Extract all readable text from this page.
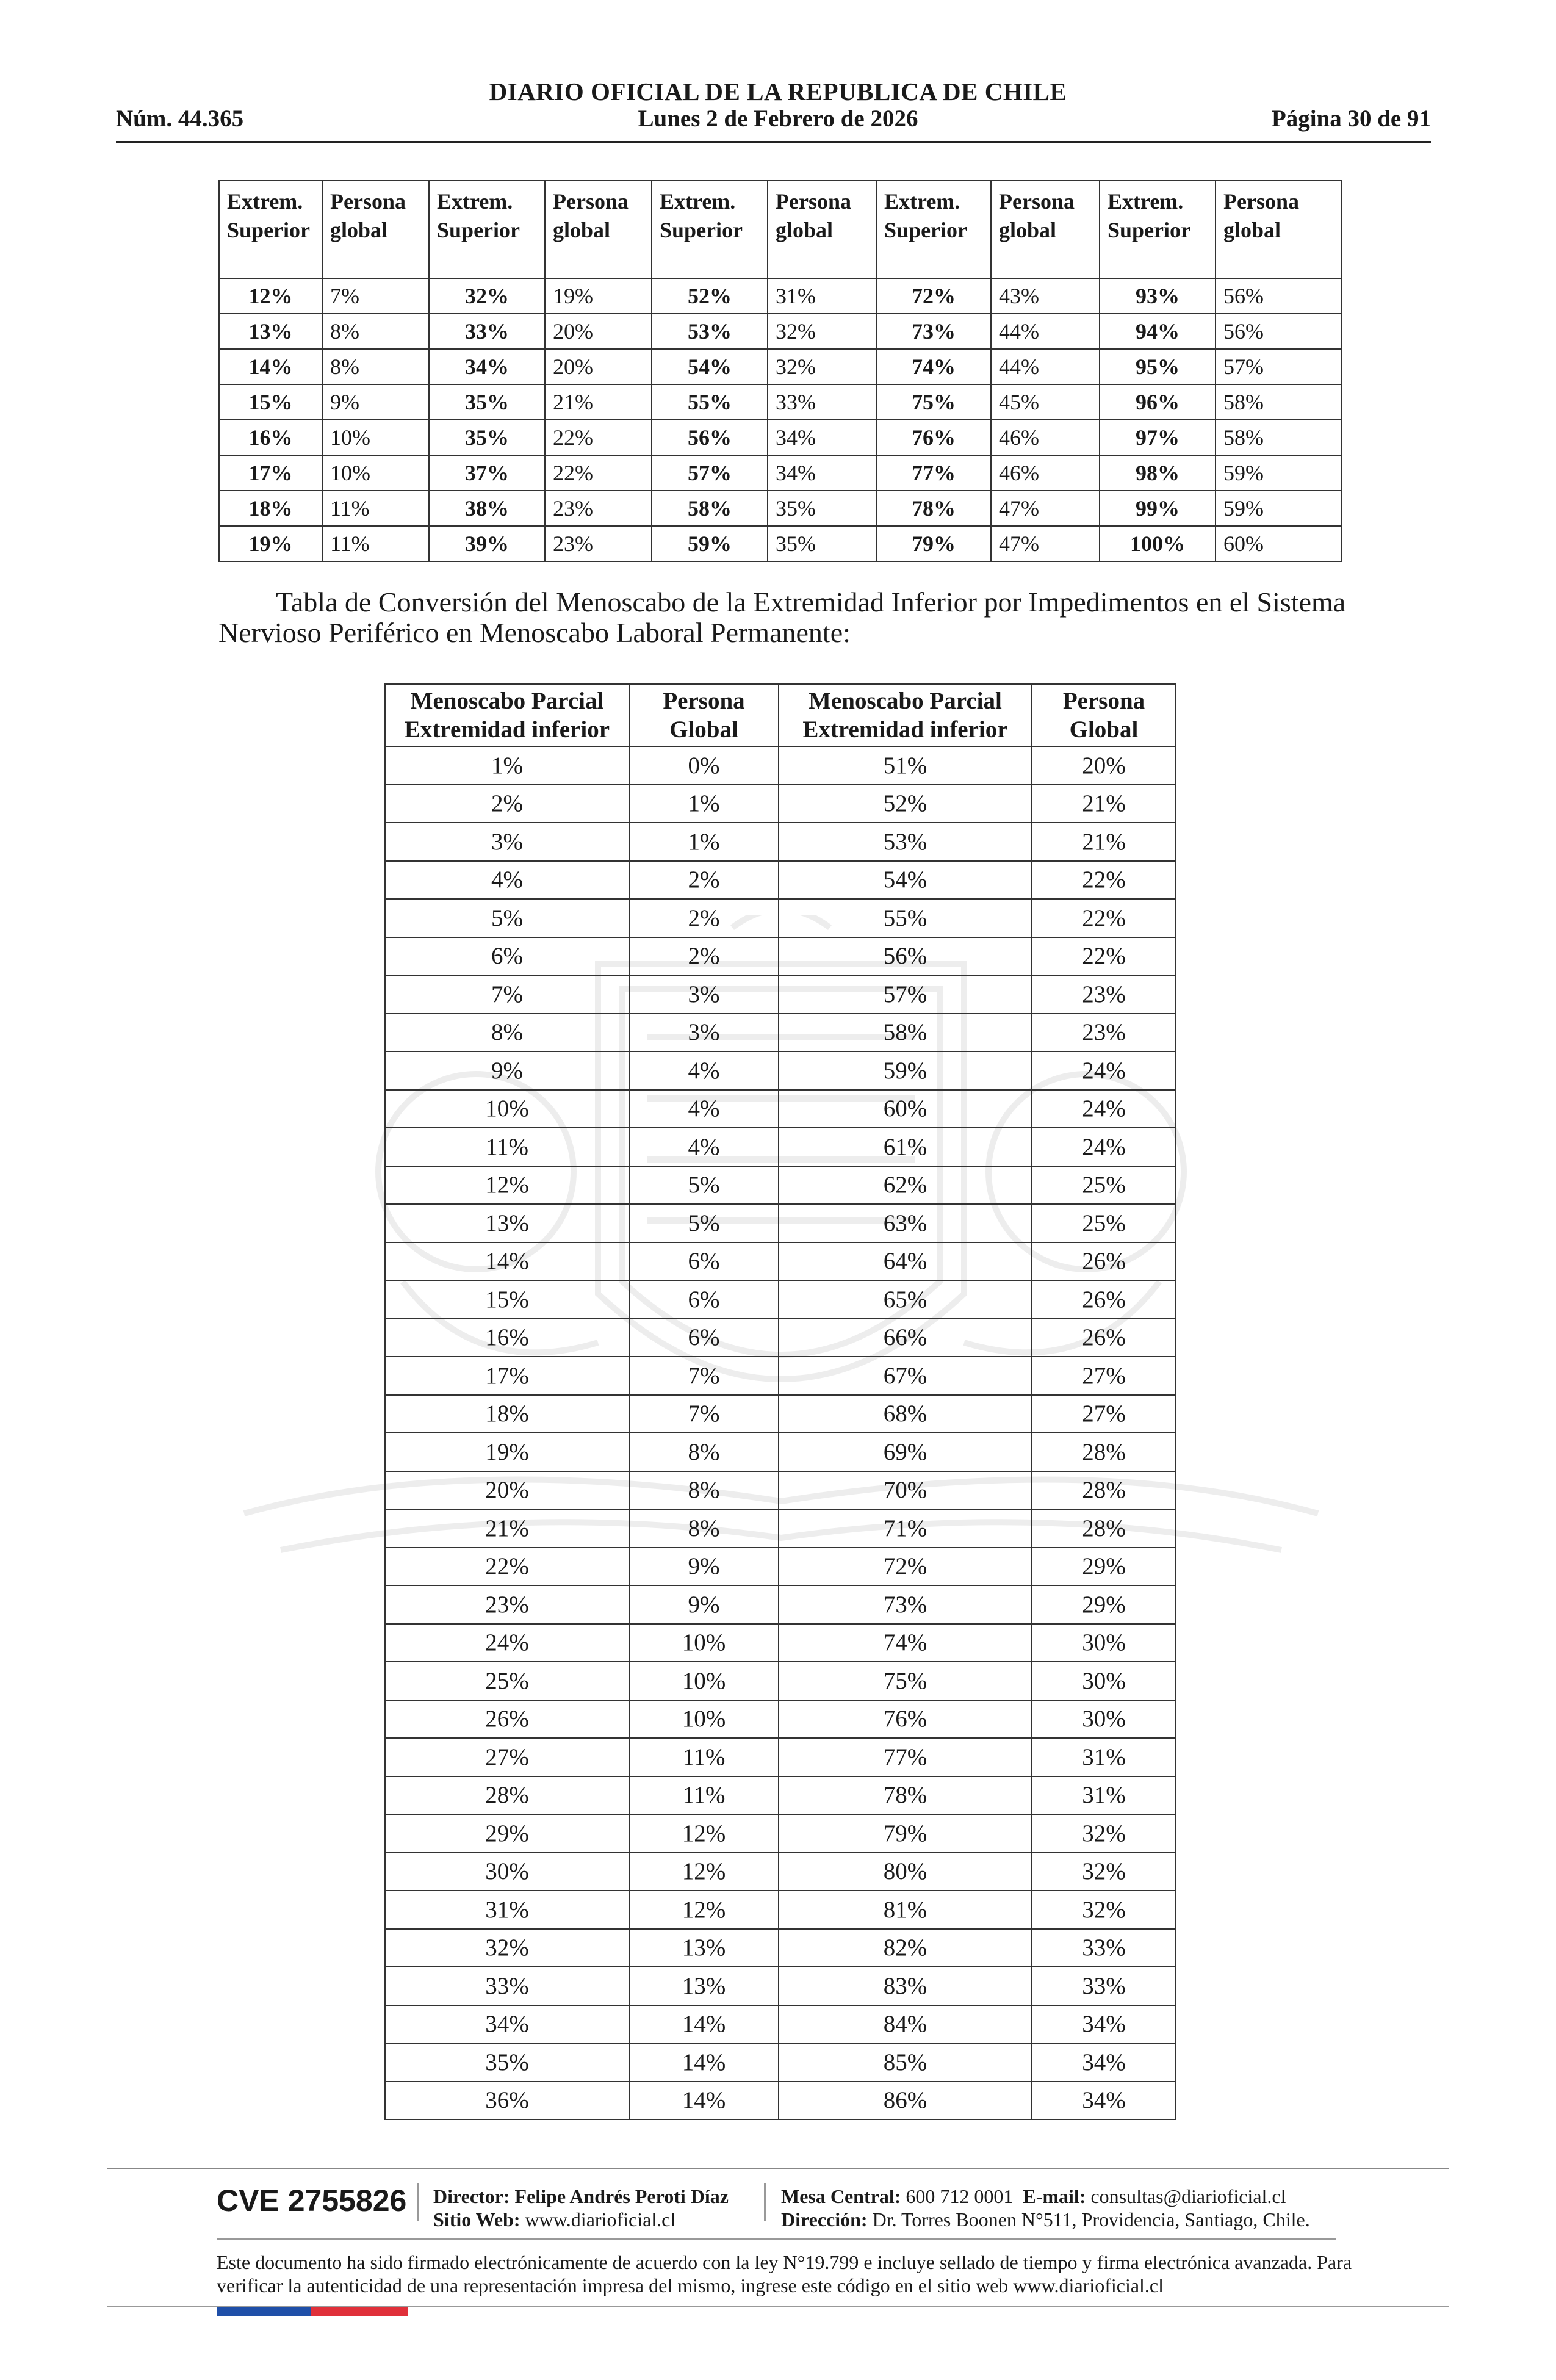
DIARIO OFICIAL DE LA REPUBLICA DE CHILE
Núm. 44.365	Lunes 2 de Febrero de 2026	Página 30 de 91
Extrem.
Superior	Persona
global	Extrem.
Superior	Persona
global	Extrem.
Superior	Persona
global	Extrem.
Superior	Persona
global	Extrem.
Superior	Persona
global
12%	7%	32%	19%	52%	31%	72%	43%	93%	56%
13%	8%	33%	20%	53%	32%	73%	44%	94%	56%
14%	8%	34%	20%	54%	32%	74%	44%	95%	57%
15%	9%	35%	21%	55%	33%	75%	45%	96%	58%
16%	10%	35%	22%	56%	34%	76%	46%	97%	58%
17%	10%	37%	22%	57%	34%	77%	46%	98%	59%
18%	11%	38%	23%	58%	35%	78%	47%	99%	59%
19%	11%	39%	23%	59%	35%	79%	47%	100%	60%
Tabla de Conversión del Menoscabo de la Extremidad Inferior por Impedimentos en el Sistema Nervioso Periférico en Menoscabo Laboral Permanente:
Menoscabo Parcial
Extremidad inferior	Persona
Global	Menoscabo Parcial
Extremidad inferior	Persona
Global
1%	0%	51%	20%
2%	1%	52%	21%
3%	1%	53%	21%
4%	2%	54%	22%
5%	2%	55%	22%
6%	2%	56%	22%
7%	3%	57%	23%
8%	3%	58%	23%
9%	4%	59%	24%
10%	4%	60%	24%
11%	4%	61%	24%
12%	5%	62%	25%
13%	5%	63%	25%
14%	6%	64%	26%
15%	6%	65%	26%
16%	6%	66%	26%
17%	7%	67%	27%
18%	7%	68%	27%
19%	8%	69%	28%
20%	8%	70%	28%
21%	8%	71%	28%
22%	9%	72%	29%
23%	9%	73%	29%
24%	10%	74%	30%
25%	10%	75%	30%
26%	10%	76%	30%
27%	11%	77%	31%
28%	11%	78%	31%
29%	12%	79%	32%
30%	12%	80%	32%
31%	12%	81%	32%
32%	13%	82%	33%
33%	13%	83%	33%
34%	14%	84%	34%
35%	14%	85%	34%
36%	14%	86%	34%
CVE 2755826 Director: Felipe Andrés Peroti Díaz
Sitio Web: www.diarioficial.cl
Mesa Central: 600 712 0001 E-mail: consultas@diarioficial.cl
Dirección: Dr. Torres Boonen N°511, Providencia, Santiago, Chile.
Este documento ha sido firmado electrónicamente de acuerdo con la ley N°19.799 e incluye sellado de tiempo y firma electrónica avanzada. Para verificar la autenticidad de una representación impresa del mismo, ingrese este código en el sitio web www.diarioficial.cl
